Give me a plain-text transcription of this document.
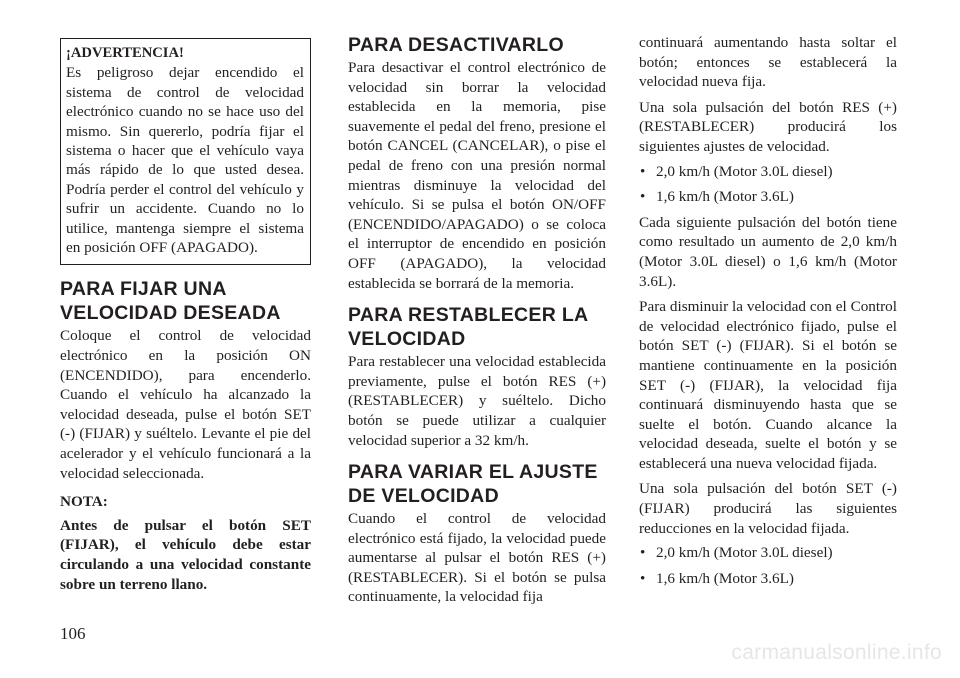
¡ADVERTENCIA!

Es peligroso dejar encendido el sistema de control de velocidad electrónico cuando no se hace uso del mismo. Sin quererlo, podría fijar el sistema o hacer que el vehículo vaya más rápido de lo que usted desea. Podría perder el control del vehículo y sufrir un accidente. Cuando no lo utilice, mantenga siempre el sistema en posición OFF (APAGADO).

PARA FIJAR UNA VELOCIDAD DESEADA

Coloque el control de velocidad electrónico en la posición ON (ENCENDIDO), para encenderlo. Cuando el vehículo ha alcanzado la velocidad deseada, pulse el botón SET (-) (FIJAR) y suéltelo. Levante el pie del acelerador y el vehículo funcionará a la velocidad seleccionada.

NOTA:

Antes de pulsar el botón SET (FIJAR), el vehículo debe estar circulando a una velocidad constante sobre un terreno llano.

PARA DESACTIVARLO

Para desactivar el control electrónico de velocidad sin borrar la velocidad establecida en la memoria, pise suavemente el pedal del freno, presione el botón CANCEL (CANCELAR), o pise el pedal de freno con una presión normal mientras disminuye la velocidad del vehículo. Si se pulsa el botón ON/OFF (ENCENDIDO/APAGADO) o se coloca el interruptor de encendido en posición OFF (APAGADO), la velocidad establecida se borrará de la memoria.

PARA RESTABLECER LA VELOCIDAD

Para restablecer una velocidad establecida previamente, pulse el botón RES (+) (RESTABLECER) y suéltelo. Dicho botón se puede utilizar a cualquier velocidad superior a 32 km/h.

PARA VARIAR EL AJUSTE DE VELOCIDAD

Cuando el control de velocidad electrónico está fijado, la velocidad puede aumentarse al pulsar el botón RES (+) (RESTABLECER). Si el botón se pulsa continuamente, la velocidad fija

continuará aumentando hasta soltar el botón; entonces se establecerá la velocidad nueva fija.

Una sola pulsación del botón RES (+) (RESTABLECER) producirá los siguientes ajustes de velocidad.

• 2,0 km/h (Motor 3.0L diesel)
• 1,6 km/h (Motor 3.6L)

Cada siguiente pulsación del botón tiene como resultado un aumento de 2,0 km/h (Motor 3.0L diesel) o 1,6 km/h (Motor 3.6L).

Para disminuir la velocidad con el Control de velocidad electrónico fijado, pulse el botón SET (-) (FIJAR). Si el botón se mantiene continuamente en la posición SET (-) (FIJAR), la velocidad fija continuará disminuyendo hasta que se suelte el botón. Cuando alcance la velocidad deseada, suelte el botón y se establecerá una nueva velocidad fijada.

Una sola pulsación del botón SET (-) (FIJAR) producirá las siguientes reducciones en la velocidad fijada.

• 2,0 km/h (Motor 3.0L diesel)
• 1,6 km/h (Motor 3.6L)
106
carmanualsonline.info
